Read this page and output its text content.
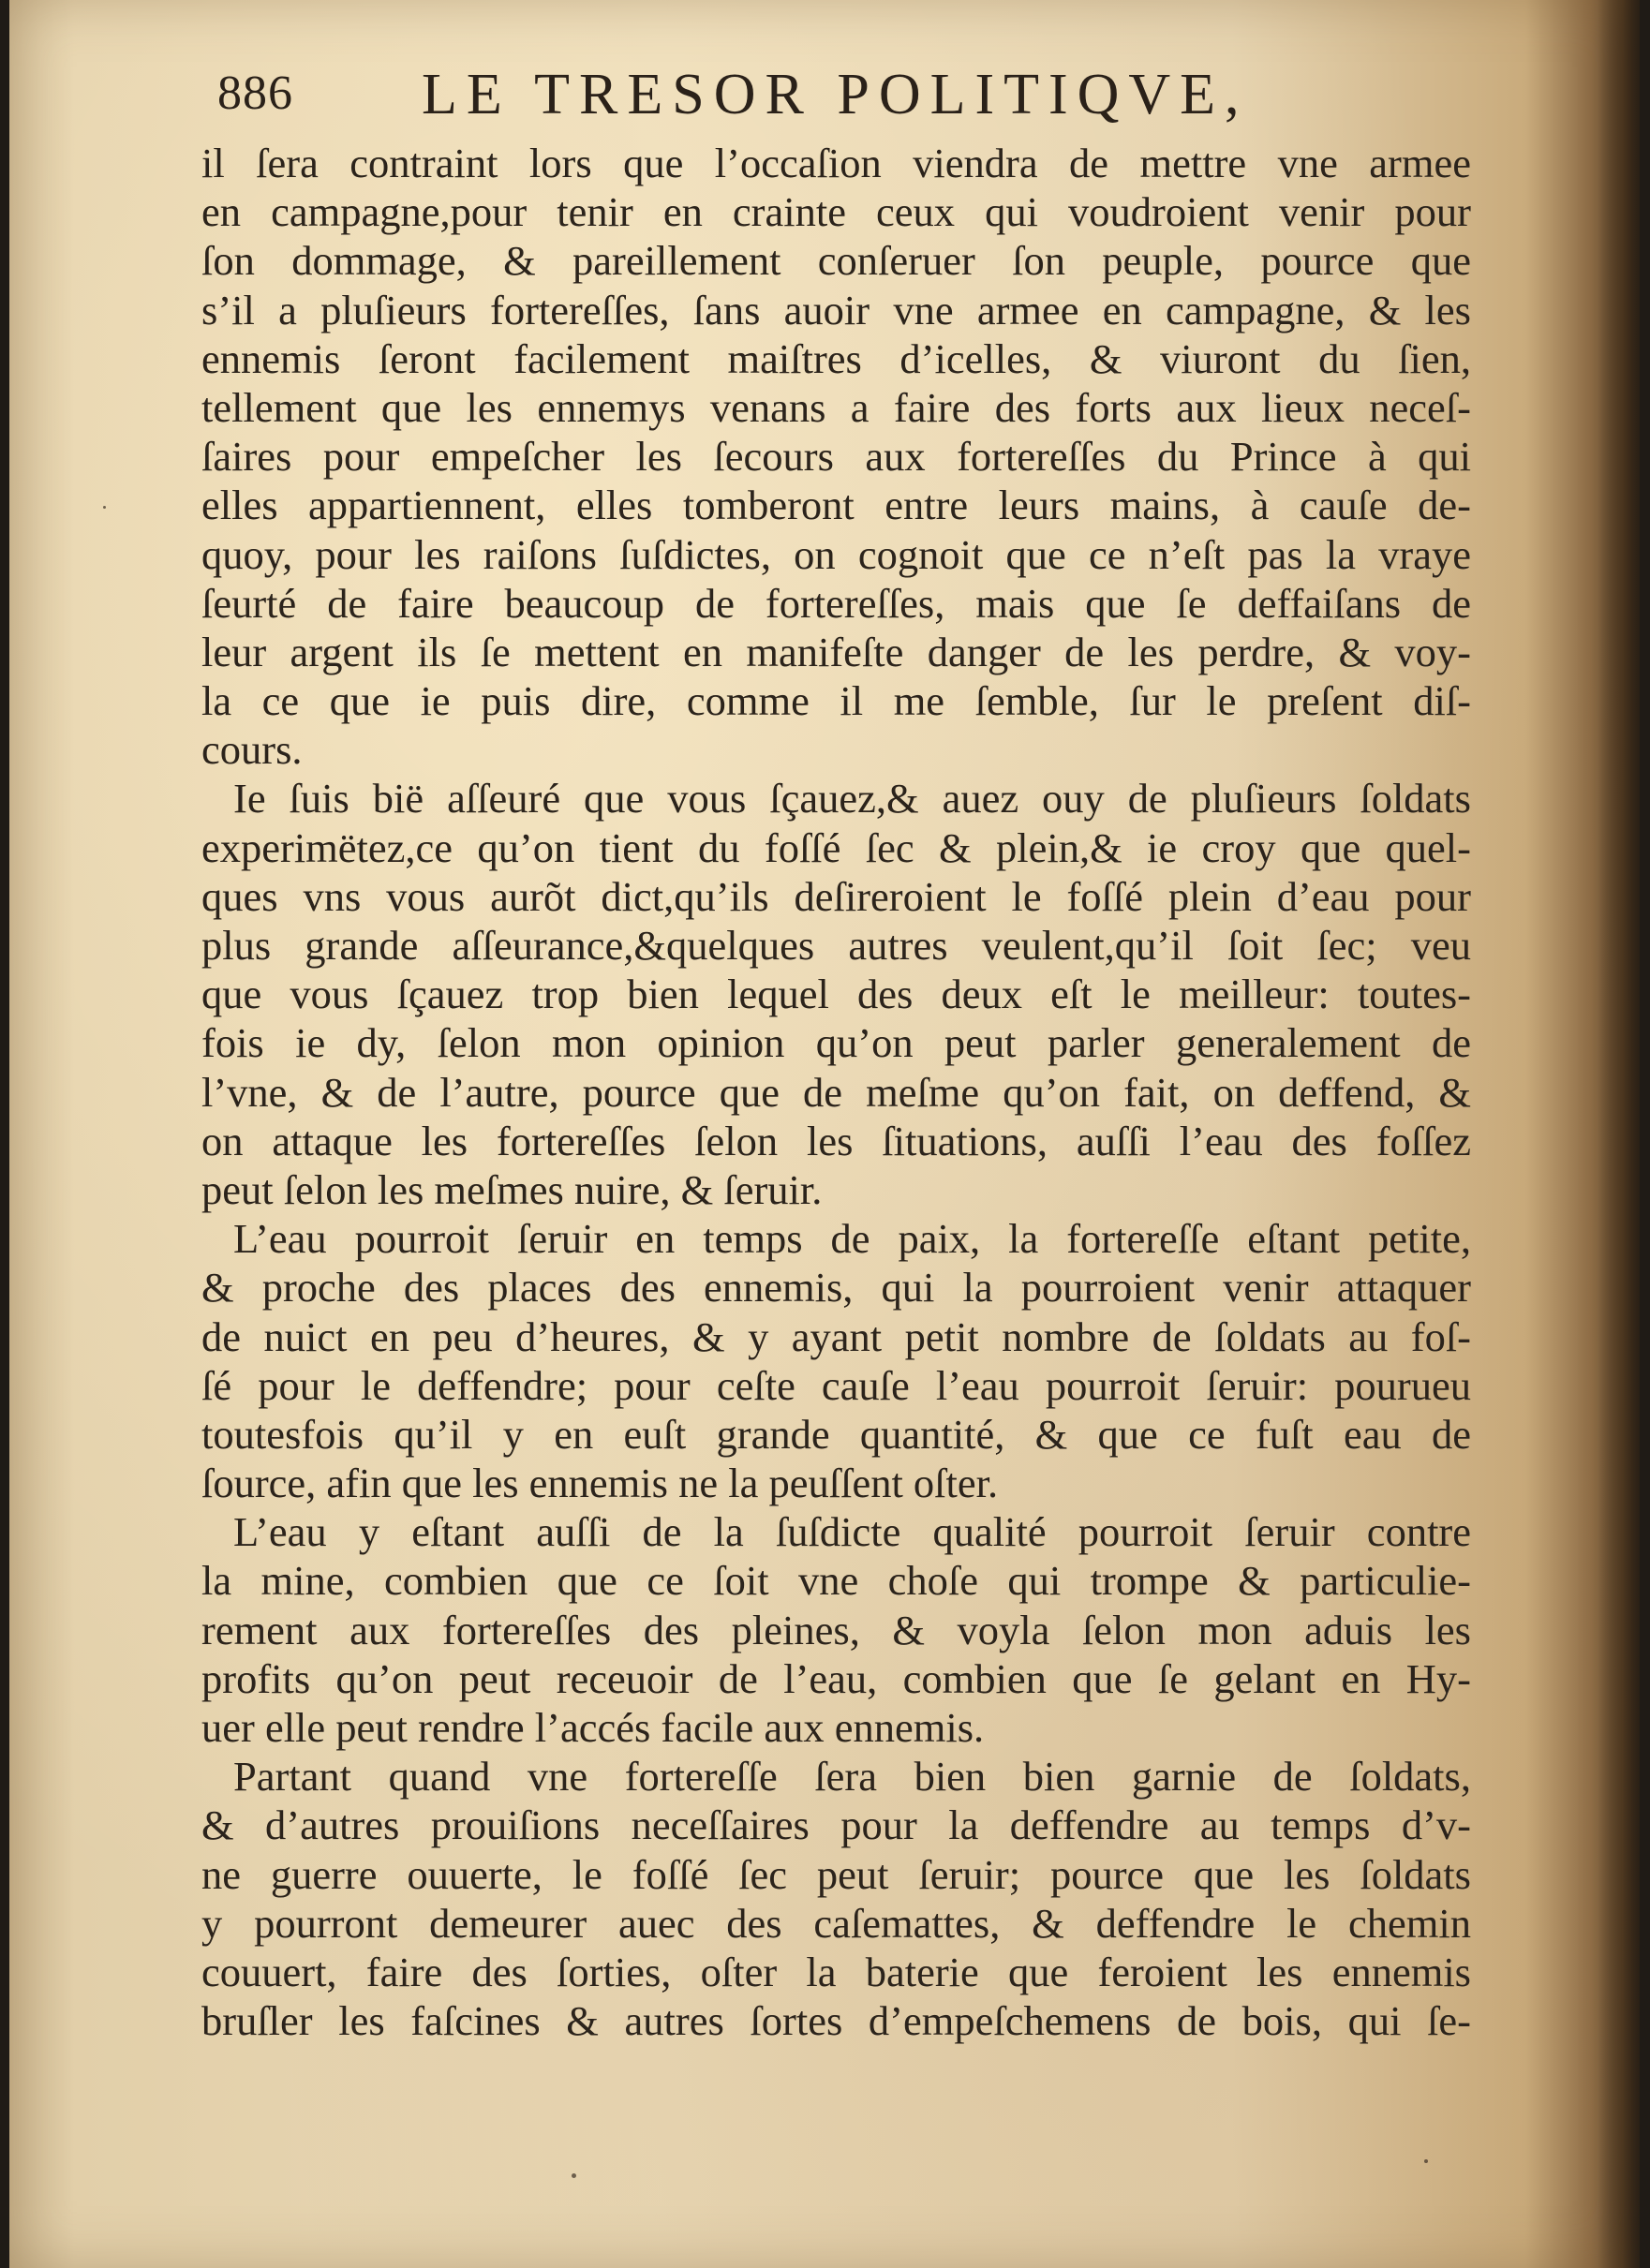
886 LE TRESOR POLITIQVE,
il ſera contraint lors que l’occaſion viendra de mettre vne armee
en campagne,pour tenir en crainte ceux qui voudroient venir pour
ſon dommage, & pareillement conſeruer ſon peuple, pource que
s’il a pluſieurs fortereſſes, ſans auoir vne armee en campagne, & les
ennemis ſeront facilement maiſtres d’icelles, & viuront du ſien,
tellement que les ennemys venans a faire des forts aux lieux neceſ-
ſaires pour empeſcher les ſecours aux fortereſſes du Prince à qui
elles appartiennent, elles tomberont entre leurs mains, à cauſe de-
quoy, pour les raiſons ſuſdictes, on cognoit que ce n’eſt pas la vraye
ſeurté de faire beaucoup de fortereſſes, mais que ſe deffaiſans de
leur argent ils ſe mettent en manifeſte danger de les perdre, & voy-
la ce que ie puis dire, comme il me ſemble, ſur le preſent diſ-
cours.
Ie ſuis bië aſſeuré que vous ſçauez,& auez ouy de pluſieurs ſoldats
experimëtez,ce qu’on tient du foſſé ſec & plein,& ie croy que quel-
ques vns vous aurõt dict,qu’ils deſireroient le foſſé plein d’eau pour
plus grande aſſeurance,&quelques autres veulent,qu’il ſoit ſec; veu
que vous ſçauez trop bien lequel des deux eſt le meilleur: toutes-
fois ie dy, ſelon mon opinion qu’on peut parler generalement de
l’vne, & de l’autre, pource que de meſme qu’on fait, on deffend, &
on attaque les fortereſſes ſelon les ſituations, auſſi l’eau des foſſez
peut ſelon les meſmes nuire, & ſeruir.
L’eau pourroit ſeruir en temps de paix, la fortereſſe eſtant petite,
& proche des places des ennemis, qui la pourroient venir attaquer
de nuict en peu d’heures, & y ayant petit nombre de ſoldats au foſ-
ſé pour le deffendre; pour ceſte cauſe l’eau pourroit ſeruir: pourueu
toutesfois qu’il y en euſt grande quantité, & que ce fuſt eau de
ſource, afin que les ennemis ne la peuſſent oſter.
L’eau y eſtant auſſi de la ſuſdicte qualité pourroit ſeruir contre
la mine, combien que ce ſoit vne choſe qui trompe & particulie-
rement aux fortereſſes des pleines, & voyla ſelon mon aduis les
profits qu’on peut receuoir de l’eau, combien que ſe gelant en Hy-
uer elle peut rendre l’accés facile aux ennemis.
Partant quand vne fortereſſe ſera bien bien garnie de ſoldats,
& d’autres prouiſions neceſſaires pour la deffendre au temps d’v-
ne guerre ouuerte, le foſſé ſec peut ſeruir; pource que les ſoldats
y pourront demeurer auec des caſemattes, & deffendre le chemin
couuert, faire des ſorties, oſter la baterie que feroient les ennemis
bruſler les faſcines & autres ſortes d’empeſchemens de bois, qui ſe-
